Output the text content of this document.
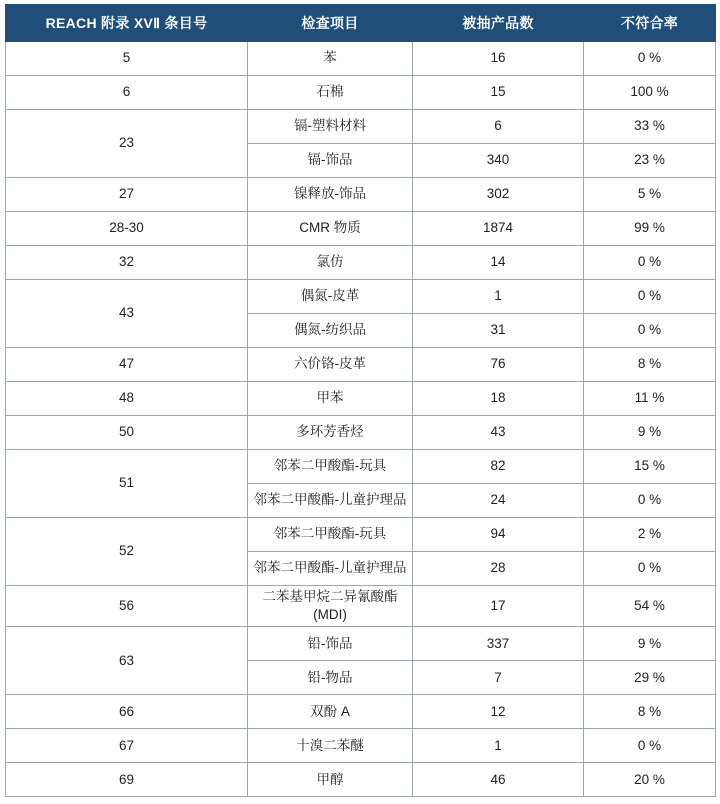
REACH 附录 XVⅡ 条目号	检查项目	被抽产品数	不符合率
5	苯	16	0 %
6	石棉	15	100 %
23	镉-塑料材料	6	33 %
	镉-饰品	340	23 %
27	镍释放-饰品	302	5 %
28-30	CMR 物质	1874	99 %
32	氯仿	14	0 %
43	偶氮-皮革	1	0 %
	偶氮-纺织品	31	0 %
47	六价铬-皮革	76	8 %
48	甲苯	18	11 %
50	多环芳香烃	43	9 %
51	邻苯二甲酸酯-玩具	82	15 %
	邻苯二甲酸酯-儿童护理品	24	0 %
52	邻苯二甲酸酯-玩具	94	2 %
	邻苯二甲酸酯-儿童护理品	28	0 %
56	二苯基甲烷二异氰酸酯(MDI)	17	54 %
63	铅-饰品	337	9 %
	铅-物品	7	29 %
66	双酚 A	12	8 %
67	十溴二苯醚	1	0 %
69	甲醇	46	20 %
